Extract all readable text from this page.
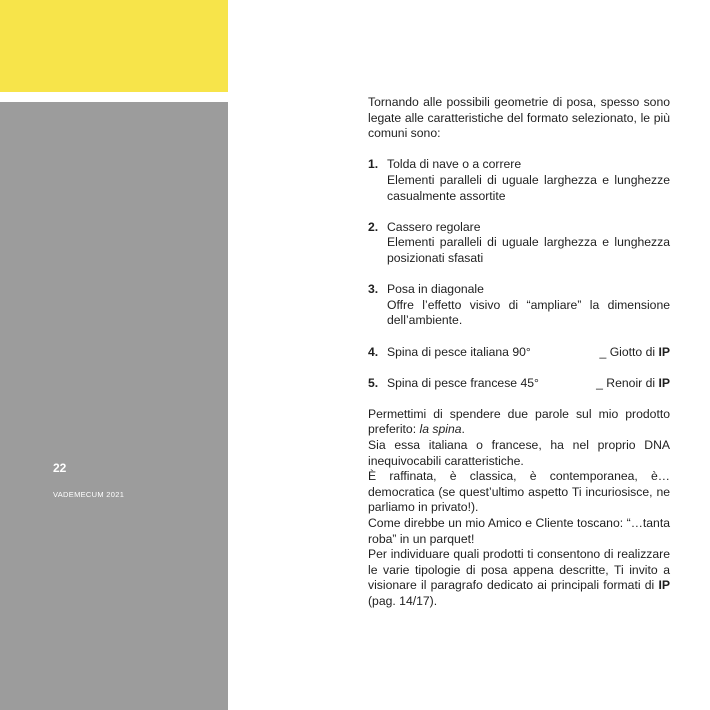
22
VADEMECUM 2021

Tornando alle possibili geometrie di posa, spesso sono legate alle caratteristiche del formato selezionato, le più comuni sono:

1. Tolda di nave o a correre
Elementi paralleli di uguale larghezza e lunghezze casualmente assortite
2. Cassero regolare
Elementi paralleli di uguale larghezza e lunghezza posizionati sfasati
3. Posa in diagonale
Offre l’effetto visivo di “ampliare” la dimensione dell’ambiente.
4. Spina di pesce italiana 90°	_ Giotto di IP
5. Spina di pesce francese 45°	_ Renoir di IP

Permettimi di spendere due parole sul mio prodotto preferito: la spina.

Sia essa italiana o francese, ha nel proprio DNA inequivocabili caratteristiche.

È raffinata, è classica, è contemporanea, è… democratica (se quest’ultimo aspetto Ti incuriosisce, ne parliamo in privato!).

Come direbbe un mio Amico e Cliente toscano: “…tanta roba” in un parquet!

Per individuare quali prodotti ti consentono di realizzare le varie tipologie di posa appena descritte, Ti invito a visionare il paragrafo dedicato ai principali formati di IP (pag. 14/17).
